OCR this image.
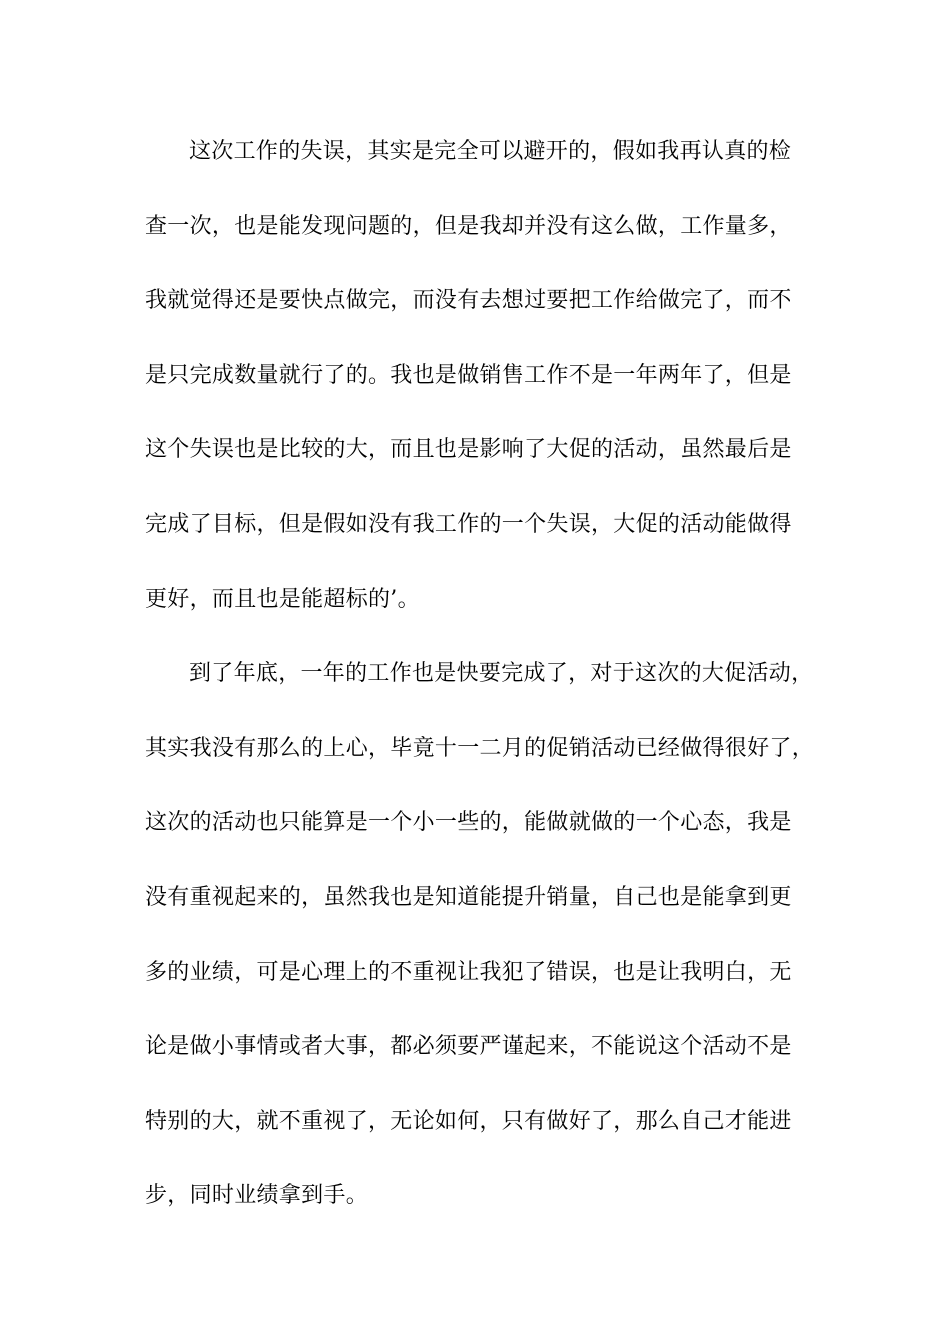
这次工作的失误，其实是完全可以避开的，假如我再认真的检
查一次，也是能发现问题的，但是我却并没有这么做，工作量多，
我就觉得还是要快点做完，而没有去想过要把工作给做完了，而不
是只完成数量就行了的。我也是做销售工作不是一年两年了，但是
这个失误也是比较的大，而且也是影响了大促的活动，虽然最后是
完成了目标，但是假如没有我工作的一个失误，大促的活动能做得
更好，而且也是能超标的’。
到了年底，一年的工作也是快要完成了，对于这次的大促活动，
其实我没有那么的上心，毕竟十一二月的促销活动已经做得很好了，
这次的活动也只能算是一个小一些的，能做就做的一个心态，我是
没有重视起来的，虽然我也是知道能提升销量，自己也是能拿到更
多的业绩，可是心理上的不重视让我犯了错误，也是让我明白，无
论是做小事情或者大事，都必须要严谨起来，不能说这个活动不是
特别的大，就不重视了，无论如何，只有做好了，那么自己才能进
步，同时业绩拿到手。
